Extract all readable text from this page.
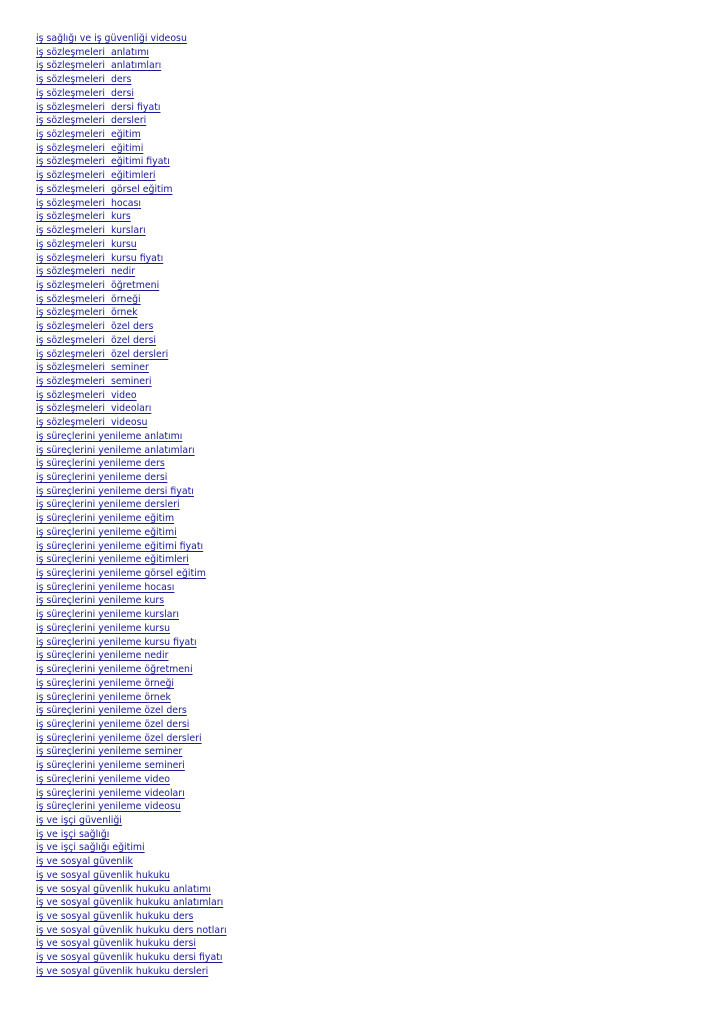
iş sağlığı ve iş güvenliği videosu
iş sözleşmeleri  anlatımı
iş sözleşmeleri  anlatımları
iş sözleşmeleri  ders
iş sözleşmeleri  dersi
iş sözleşmeleri  dersi fiyatı
iş sözleşmeleri  dersleri
iş sözleşmeleri  eğitim
iş sözleşmeleri  eğitimi
iş sözleşmeleri  eğitimi fiyatı
iş sözleşmeleri  eğitimleri
iş sözleşmeleri  görsel eğitim
iş sözleşmeleri  hocası
iş sözleşmeleri  kurs
iş sözleşmeleri  kursları
iş sözleşmeleri  kursu
iş sözleşmeleri  kursu fiyatı
iş sözleşmeleri  nedir
iş sözleşmeleri  öğretmeni
iş sözleşmeleri  örneği
iş sözleşmeleri  örnek
iş sözleşmeleri  özel ders
iş sözleşmeleri  özel dersi
iş sözleşmeleri  özel dersleri
iş sözleşmeleri  seminer
iş sözleşmeleri  semineri
iş sözleşmeleri  video
iş sözleşmeleri  videoları
iş sözleşmeleri  videosu
iş süreçlerini yenileme anlatımı
iş süreçlerini yenileme anlatımları
iş süreçlerini yenileme ders
iş süreçlerini yenileme dersi
iş süreçlerini yenileme dersi fiyatı
iş süreçlerini yenileme dersleri
iş süreçlerini yenileme eğitim
iş süreçlerini yenileme eğitimi
iş süreçlerini yenileme eğitimi fiyatı
iş süreçlerini yenileme eğitimleri
iş süreçlerini yenileme görsel eğitim
iş süreçlerini yenileme hocası
iş süreçlerini yenileme kurs
iş süreçlerini yenileme kursları
iş süreçlerini yenileme kursu
iş süreçlerini yenileme kursu fiyatı
iş süreçlerini yenileme nedir
iş süreçlerini yenileme öğretmeni
iş süreçlerini yenileme örneği
iş süreçlerini yenileme örnek
iş süreçlerini yenileme özel ders
iş süreçlerini yenileme özel dersi
iş süreçlerini yenileme özel dersleri
iş süreçlerini yenileme seminer
iş süreçlerini yenileme semineri
iş süreçlerini yenileme video
iş süreçlerini yenileme videoları
iş süreçlerini yenileme videosu
iş ve işçi güvenliği
iş ve işçi sağlığı
iş ve işçi sağlığı eğitimi
iş ve sosyal güvenlik
iş ve sosyal güvenlik hukuku
iş ve sosyal güvenlik hukuku anlatımı
iş ve sosyal güvenlik hukuku anlatımları
iş ve sosyal güvenlik hukuku ders
iş ve sosyal güvenlik hukuku ders notları
iş ve sosyal güvenlik hukuku dersi
iş ve sosyal güvenlik hukuku dersi fiyatı
iş ve sosyal güvenlik hukuku dersleri
